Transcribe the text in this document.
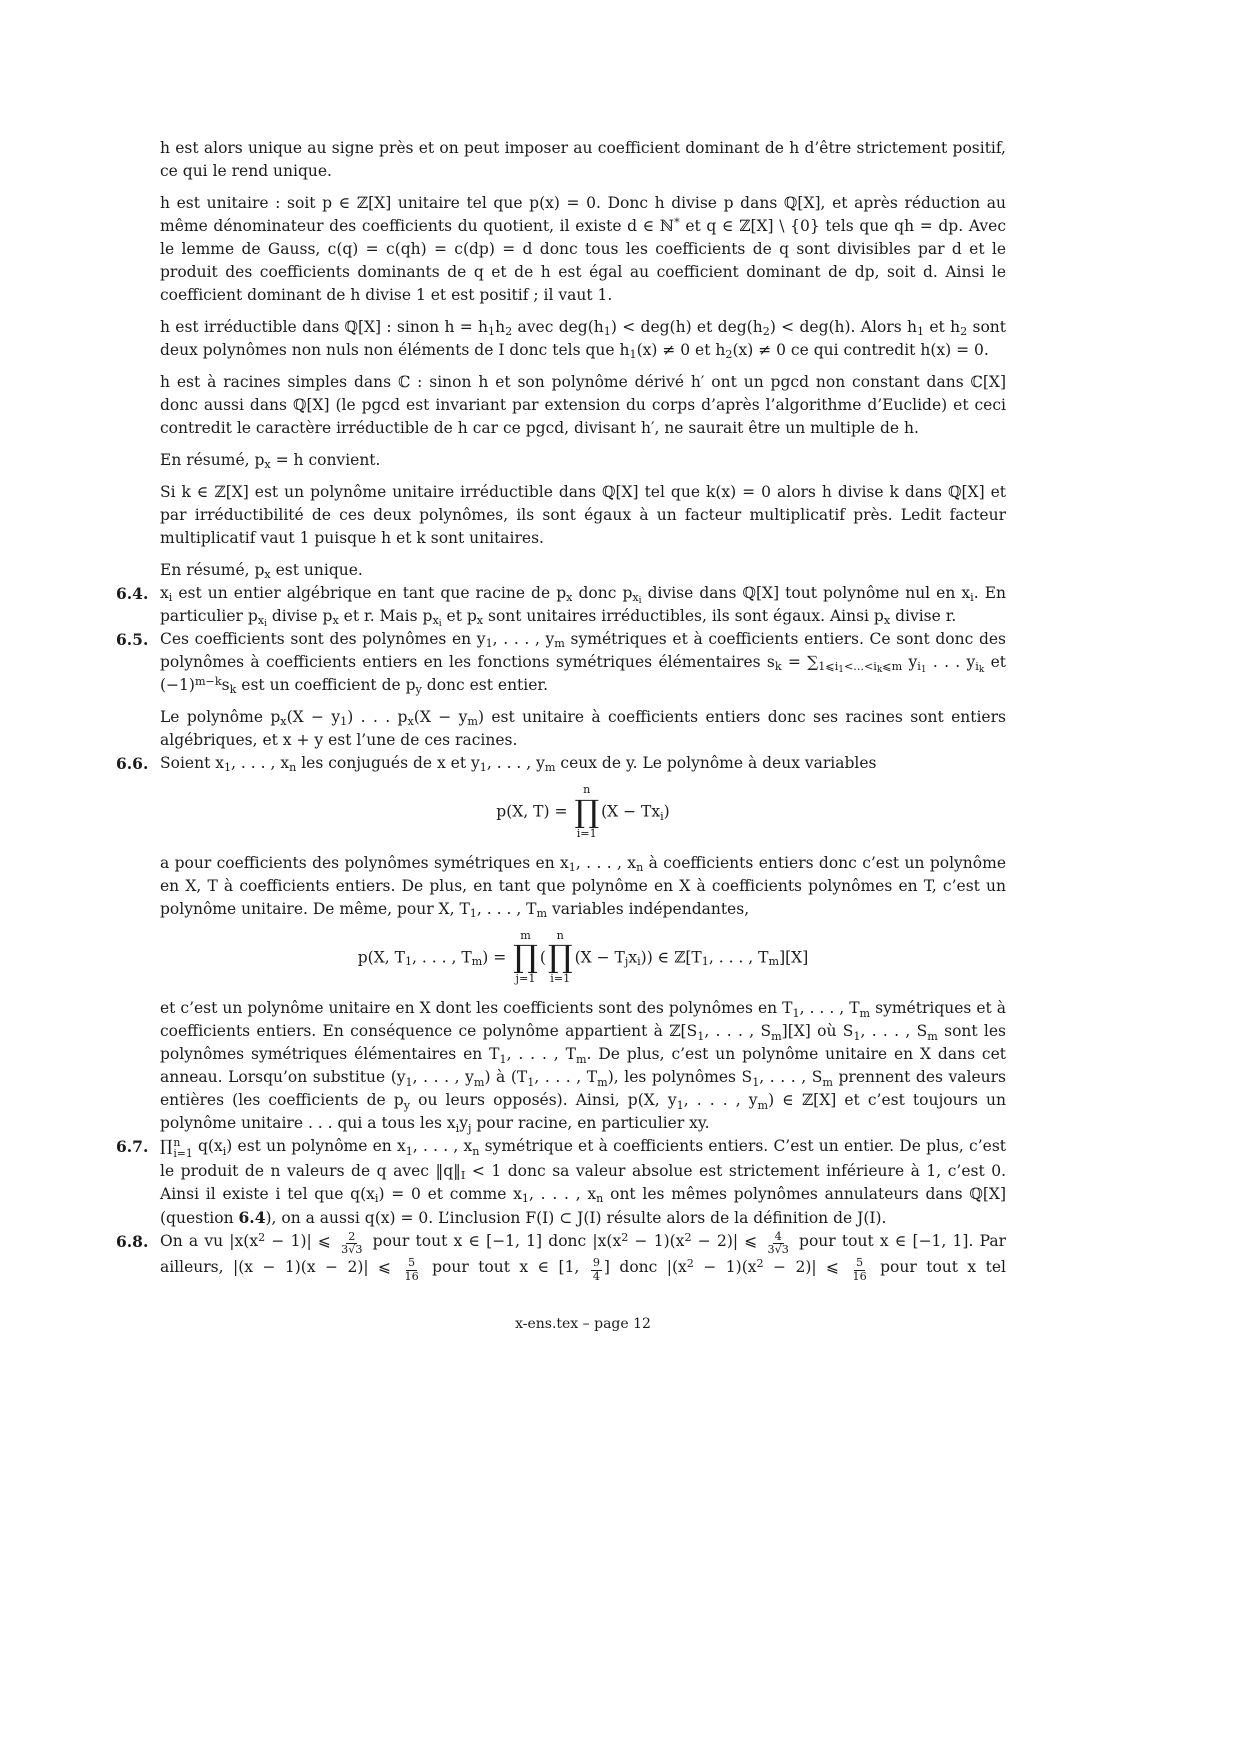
h est alors unique au signe près et on peut imposer au coefficient dominant de h d’être strictement positif, ce qui le rend unique.

h est unitaire : soit p ∈ ℤ[X] unitaire tel que p(x) = 0. Donc h divise p dans ℚ[X], et après réduction au même dénominateur des coefficients du quotient, il existe d ∈ ℕ* et q ∈ ℤ[X] \ {0} tels que qh = dp. Avec le lemme de Gauss, c(q) = c(qh) = c(dp) = d donc tous les coefficients de q sont divisibles par d et le produit des coefficients dominants de q et de h est égal au coefficient dominant de dp, soit d. Ainsi le coefficient dominant de h divise 1 et est positif ; il vaut 1.

h est irréductible dans ℚ[X] : sinon $h = h_1h_2$ avec $deg(h_1) < deg(h)$ et $deg(h_2) < deg(h)$. Alors $h_1$ et $h_2$ sont deux polynômes non nuls non éléments de I donc tels que $h_1(x) \ne 0$ et $h_2(x) \ne 0$ ce qui contredit h(x) = 0.

h est à racines simples dans ℂ : sinon h et son polynôme dérivé h′ ont un pgcd non constant dans ℂ[X] donc aussi dans ℚ[X] (le pgcd est invariant par extension du corps d’après l’algorithme d’Euclide) et ceci contredit le caractère irréductible de h car ce pgcd, divisant h′, ne saurait être un multiple de h.

En résumé, $p_x = h$ convient.

Si k ∈ ℤ[X] est un polynôme unitaire irréductible dans ℚ[X] tel que k(x) = 0 alors h divise k dans ℚ[X] et par irréductibilité de ces deux polynômes, ils sont égaux à un facteur multiplicatif près. Ledit facteur multiplicatif vaut 1 puisque h et k sont unitaires.

En résumé, $p_x$ est unique.

6.4. $x_i$ est un entier algébrique en tant que racine de $p_x$ donc $p_{x_i}$ divise dans ℚ[X] tout polynôme nul en $x_i$. En particulier $p_{x_i}$ divise $p_x$ et r. Mais $p_{x_i}$ et $p_x$ sont unitaires irréductibles, ils sont égaux. Ainsi $p_x$ divise r.

6.5. Ces coefficients sont des polynômes en $y_1$, . . . , $y_m$ symétriques et à coefficients entiers. Ce sont donc des polynômes à coefficients entiers en les fonctions symétriques élémentaires $s_k = \sum_{1⩽i_1<...<i_k⩽m}$ $y_{i_1}$ . . . $y_{i_k}$ et $(-1)^{m-k}s_k$ est un coefficient de $p_y$ donc est entier.

Le polynôme $p_x(X - y_1)$ . . . $p_x(X - y_m)$ est unitaire à coefficients entiers donc ses racines sont entiers algébriques, et x + y est l’une de ces racines.

6.6. Soient $x_1$, . . . , $x_n$ les conjugués de x et $y_1$, . . . , $y_m$ ceux de y. Le polynôme à deux variables

p(X, T) =
n
∏
i=1
$(X - Tx_i)$

a pour coefficients des polynômes symétriques en $x_1$, . . . , $x_n$ à coefficients entiers donc c’est un polynôme en X, T à coefficients entiers. De plus, en tant que polynôme en X à coefficients polynômes en T, c’est un polynôme unitaire. De même, pour X, $T_1$, . . . , $T_m$ variables indépendantes,

p(X, $T_1$, . . . , $T_m$) =
m
∏
j=1
(
n
∏
i=1
$(X - T_jx_i)$) ∈ $ℤ[T_1$, . . . , $T_m][X]$

et c’est un polynôme unitaire en X dont les coefficients sont des polynômes en $T_1$, . . . , $T_m$ symétriques et à coefficients entiers. En conséquence ce polynôme appartient à $ℤ[S_1$, . . . , $S_m][X]$ où $S_1$, . . . , $S_m$ sont les polynômes symétriques élémentaires en $T_1$, . . . , $T_m$. De plus, c’est un polynôme unitaire en X dans cet anneau. Lorsqu’on substitue ($y_1$, . . . , $y_m$) à ($T_1$, . . . , $T_m$), les polynômes $S_1$, . . . , $S_m$ prennent des valeurs entières (les coefficients de $p_y$ ou leurs opposés). Ainsi, p(X, $y_1$, . . . , $y_m$) ∈ ℤ[X] et c’est toujours un polynôme unitaire . . . qui a tous les $x_iy_j$ pour racine, en particulier xy.

6.7. ∏ n
i=1 $q(x_i)$ est un polynôme en $x_1$, . . . , $x_n$ symétrique et à coefficients entiers. C’est un entier. De plus, c’est le produit de n valeurs de q avec $‖q‖_I < 1$ donc sa valeur absolue est strictement inférieure à 1, c’est 0. Ainsi il existe i tel que $q(x_i) = 0$ et comme $x_1$, . . . , $x_n$ ont les mêmes polynômes annulateurs dans ℚ[X] (question 6.4), on a aussi q(x) = 0. L’inclusion F(I) ⊂ J(I) résulte alors de la définition de J(I).

6.8. On a vu $|x(x^2 - 1)|$ ⩽ $\frac{2}{3√3}$ pour tout x ∈ [−1, 1] donc $|x(x^2 - 1)(x^2 - 2)|$ ⩽ $\frac{4}{3√3}$ pour tout x ∈ [−1, 1]. Par ailleurs, |(x − 1)(x − 2)| ⩽ $\frac{5}{16}$ pour tout x ∈ [1, $\frac{9}{4}$ ] donc $|(x^2 - 1)(x^2 - 2)|$ ⩽ $\frac{5}{16}$ pour tout x tel

x-ens.tex – page 12
